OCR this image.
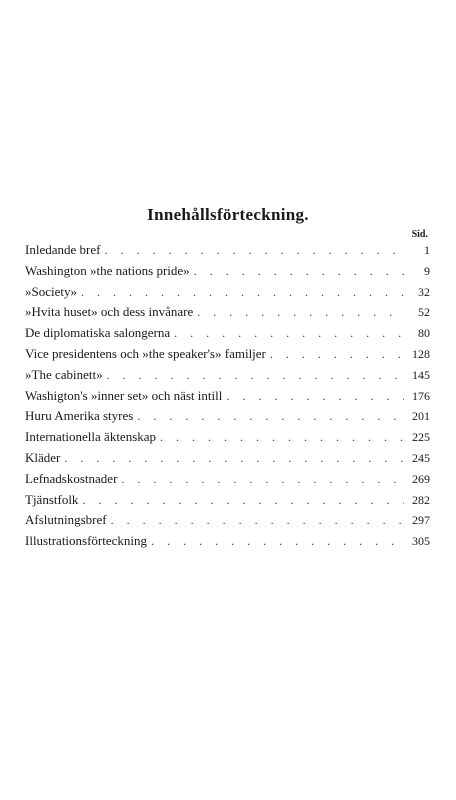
Innehållsförteckning.
Sid.
Inledande bref . . .	1
Washington »the nations pride» . . .	9
»Society» . . .	32
»Hvita huset» och dess invånare . . .	52
De diplomatiska salongerna . . .	80
Vice presidentens och »the speaker's» familjer . . .	128
»The cabinett» . . .	145
Washigton's »inner set» och näst intill . . .	176
Huru Amerika styres . . .	201
Internationella äktenskap . . .	225
Kläder . . .	245
Lefnadskostnader . . .	269
Tjänstfolk . . .	282
Afslutningsbref . . .	297
Illustrationsförteckning . . .	305
